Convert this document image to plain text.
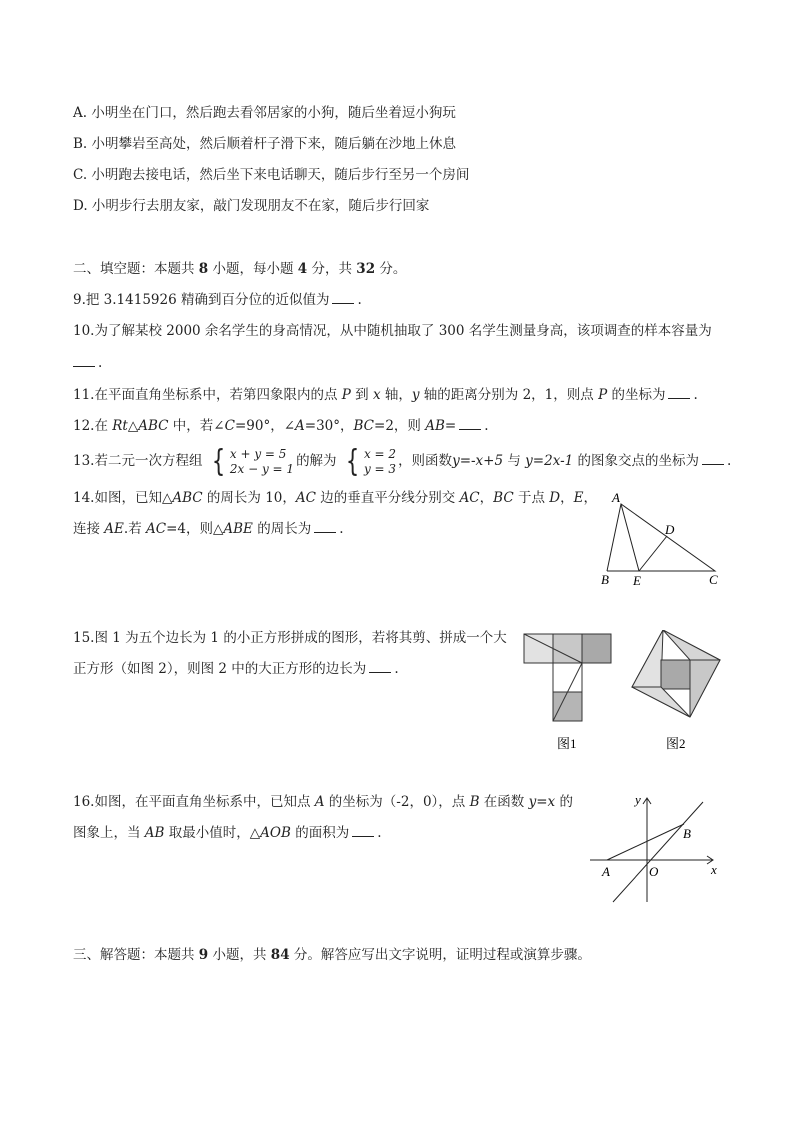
A. 小明坐在门口，然后跑去看邻居家的小狗，随后坐着逗小狗玩
B. 小明攀岩至高处，然后顺着杆子滑下来，随后躺在沙地上休息
C. 小明跑去接电话，然后坐下来电话聊天，随后步行至另一个房间
D. 小明步行去朋友家，敲门发现朋友不在家，随后步行回家
二、填空题：本题共 8 小题，每小题 4 分，共 32 分。
9.把 3.1415926 精确到百分位的近似值为 .
10.为了解某校 2000 余名学生的身高情况，从中随机抽取了 300 名学生测量身高，该项调查的样本容量为
.
11.在平面直角坐标系中，若第四象限内的点 P 到 x 轴，y 轴的距离分别为 2，1，则点 P 的坐标为 .
12.在 Rt△ABC 中，若∠C=90°，∠A=30°，BC=2，则 AB= .
13.若二元一次方程组 { x + y = 5
2x − y = 1 的解为 { x = 2
y = 3 ，则函数y=-x+5 与 y=2x-1 的图象交点的坐标为 .
14.如图，已知△ABC 的周长为 10，AC 边的垂直平分线分别交 AC，BC 于点 D，E，
连接 AE.若 AC=4，则△ABE 的周长为 .
A
B	C
D
E
15.图 1 为五个边长为 1 的小正方形拼成的图形，若将其剪、拼成一个大
正方形（如图 2），则图 2 中的大正方形的边长为 .
图1	图2
16.如图，在平面直角坐标系中，已知点 A 的坐标为（-2，0），点 B 在函数 y=x 的
图象上，当 AB 取最小值时，△AOB 的面积为 .
y
x
A	O
B
三、解答题：本题共 9 小题，共 84 分。解答应写出文字说明，证明过程或演算步骤。
